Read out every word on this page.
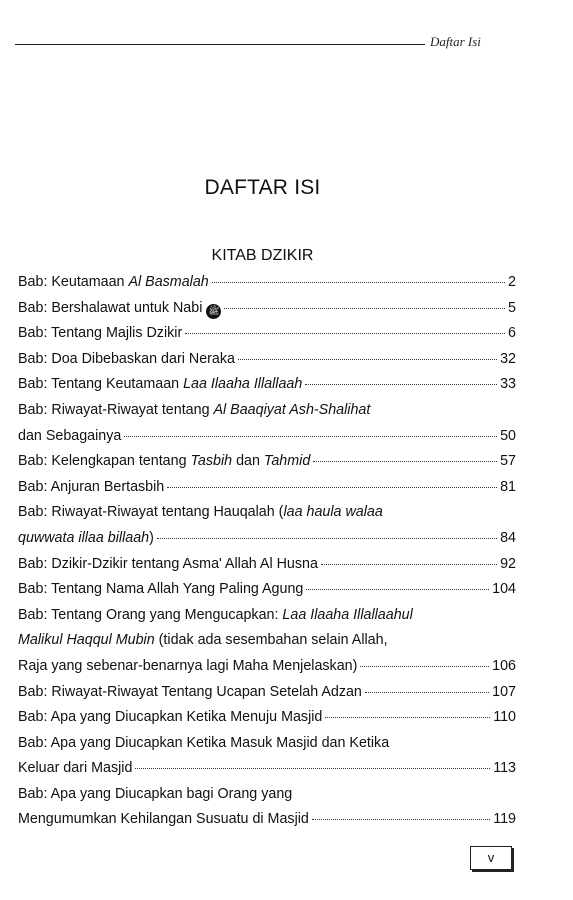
Daftar Isi
DAFTAR ISI
KITAB DZIKIR
Bab: Keutamaan Al Basmalah	2
Bab: Bershalawat untuk Nabi ﷺ	5
Bab: Tentang Majlis Dzikir	6
Bab: Doa Dibebaskan dari Neraka	32
Bab: Tentang Keutamaan Laa Ilaaha Illallaah	33
Bab: Riwayat-Riwayat tentang Al Baaqiyat Ash-Shalihat
dan Sebagainya	50
Bab: Kelengkapan tentang Tasbih dan Tahmid	57
Bab: Anjuran Bertasbih	81
Bab: Riwayat-Riwayat tentang Hauqalah (laa haula walaa
quwwata illaa billaah)	84
Bab: Dzikir-Dzikir tentang Asma' Allah Al Husna	92
Bab: Tentang Nama Allah Yang Paling Agung	104
Bab: Tentang Orang yang Mengucapkan: Laa Ilaaha Illallaahul
Malikul Haqqul Mubin (tidak ada sesembahan selain Allah,
Raja yang sebenar-benarnya lagi Maha Menjelaskan)	106
Bab: Riwayat-Riwayat Tentang Ucapan Setelah Adzan	107
Bab: Apa yang Diucapkan Ketika Menuju Masjid	110
Bab: Apa yang Diucapkan Ketika Masuk Masjid dan Ketika
Keluar dari Masjid	113
Bab: Apa yang Diucapkan bagi Orang yang
Mengumumkan Kehilangan Susuatu di Masjid	119
v
